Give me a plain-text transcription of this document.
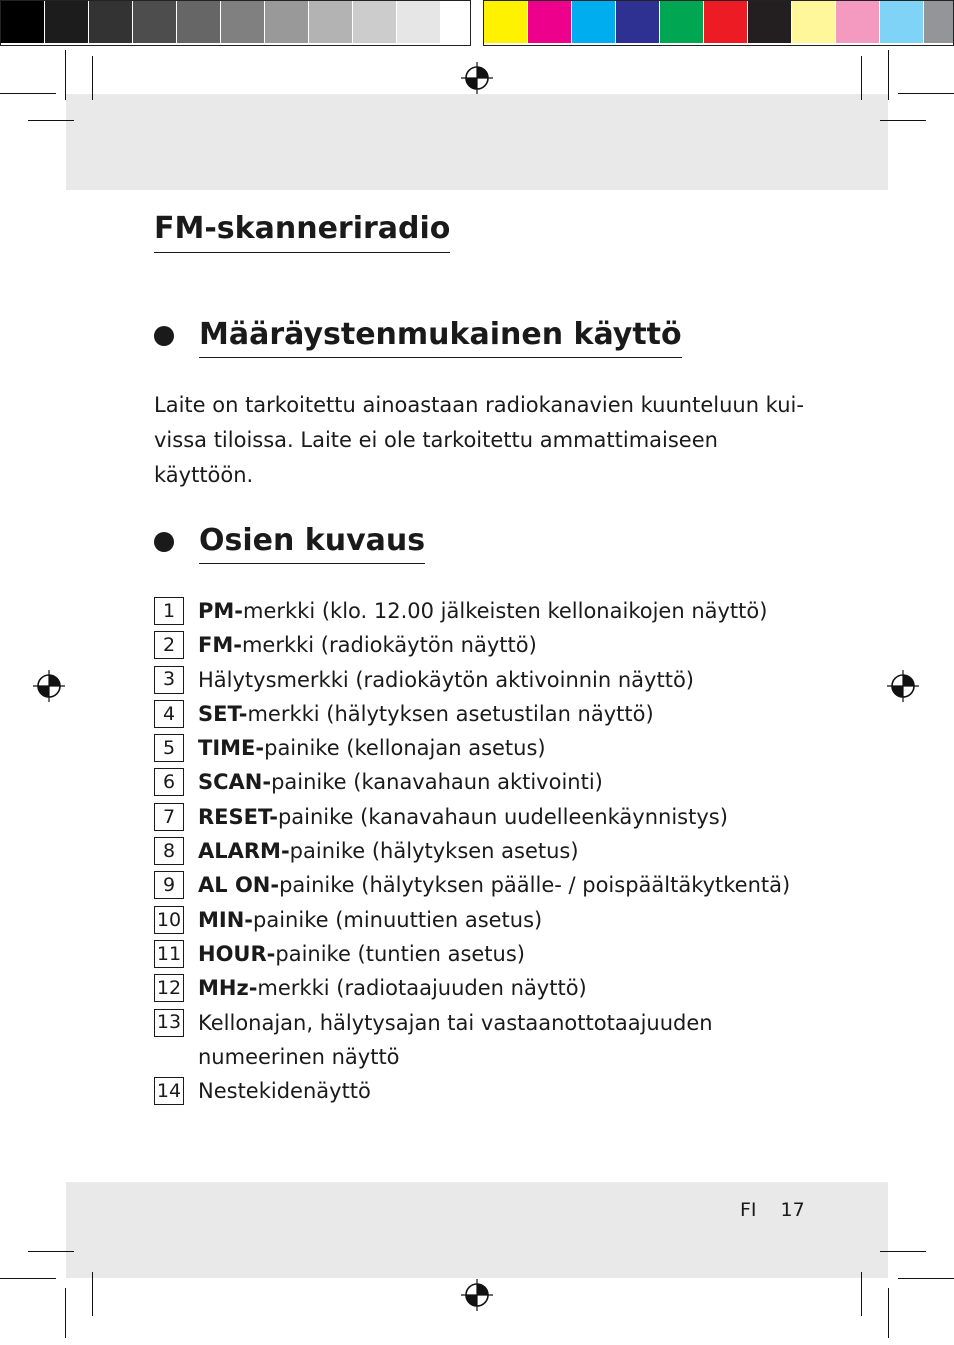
FM-skanneriradio
Määräystenmukainen käyttö
Laite on tarkoitettu ainoastaan radiokanavien kuunteluun kui-vissa tiloissa. Laite ei ole tarkoitettu ammattimaiseen käyttöön.
Osien kuvaus
1	PM-merkki (klo. 12.00 jälkeisten kellonaikojen näyttö)
2	FM-merkki (radiokäytön näyttö)
3	Hälytysmerkki (radiokäytön aktivoinnin näyttö)
4	SET-merkki (hälytyksen asetustilan näyttö)
5	TIME-painike (kellonajan asetus)
6	SCAN-painike (kanavahaun aktivointi)
7	RESET-painike (kanavahaun uudelleenkäynnistys)
8	ALARM-painike (hälytyksen asetus)
9	AL ON-painike (hälytyksen päälle- / poispäältäkytkentä)
10 MIN-painike (minuuttien asetus)
11 HOUR-painike (tuntien asetus)
12 MHz-merkki (radiotaajuuden näyttö)
13 Kellonajan, hälytysajan tai vastaanottotaajuuden numeerinen näyttö
14 Nestekidenäyttö
FI 17
